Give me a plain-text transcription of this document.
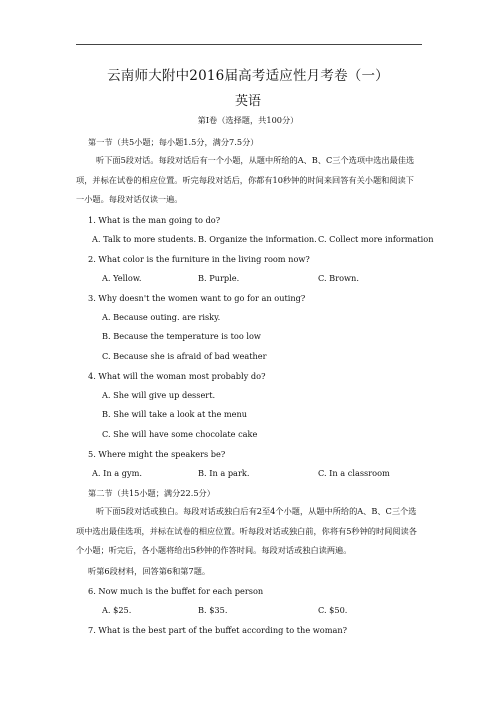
云南师大附中2016届高考适应性月考卷（一）
英语
第I卷（选择题，共100分）
第一节（共5小题；每小题1.5分，满分7.5分）
听下面5段对话。每段对话后有一个小题，从题中所给的A、B、C三个选项中选出最佳选项，并标在试卷的相应位置。听完每段对话后，你都有10秒钟的时间来回答有关小题和阅读下一小题。每段对话仅读一遍。
1. What is the man going to do?
A. Talk to more students. B. Organize the information. C. Collect more information
2. What color is the furniture in the living room now?
A. Yellow.	B. Purple.	C. Brown.
3. Why doesn't the women want to go for an outing?
A. Because outing. are risky.
B. Because the temperature is too low
C. Because she is afraid of bad weather
4. What will the woman most probably do?
A. She will give up dessert.
B. She will take a look at the menu
C. She will have some chocolate cake
5. Where might the speakers be?
A. In a gym.	B. In a park.	C. In a classroom
第二节（共15小题；满分22.5分）
听下面5段对话或独白。每段对话或独白后有2至4个小题，从题中所给的A、B、C三个选项中选出最佳选项，并标在试卷的相应位置。听每段对话或独白前，你将有5秒钟的时间阅读各个小题；听完后，各小题将给出5秒钟的作答时间。每段对话或独白读两遍。
听第6段材料，回答第6和第7题。
6. Now much is the buffet for each person
A. $25.	B. $35.	C. $50.
7. What is the best part of the buffet according to the woman?
